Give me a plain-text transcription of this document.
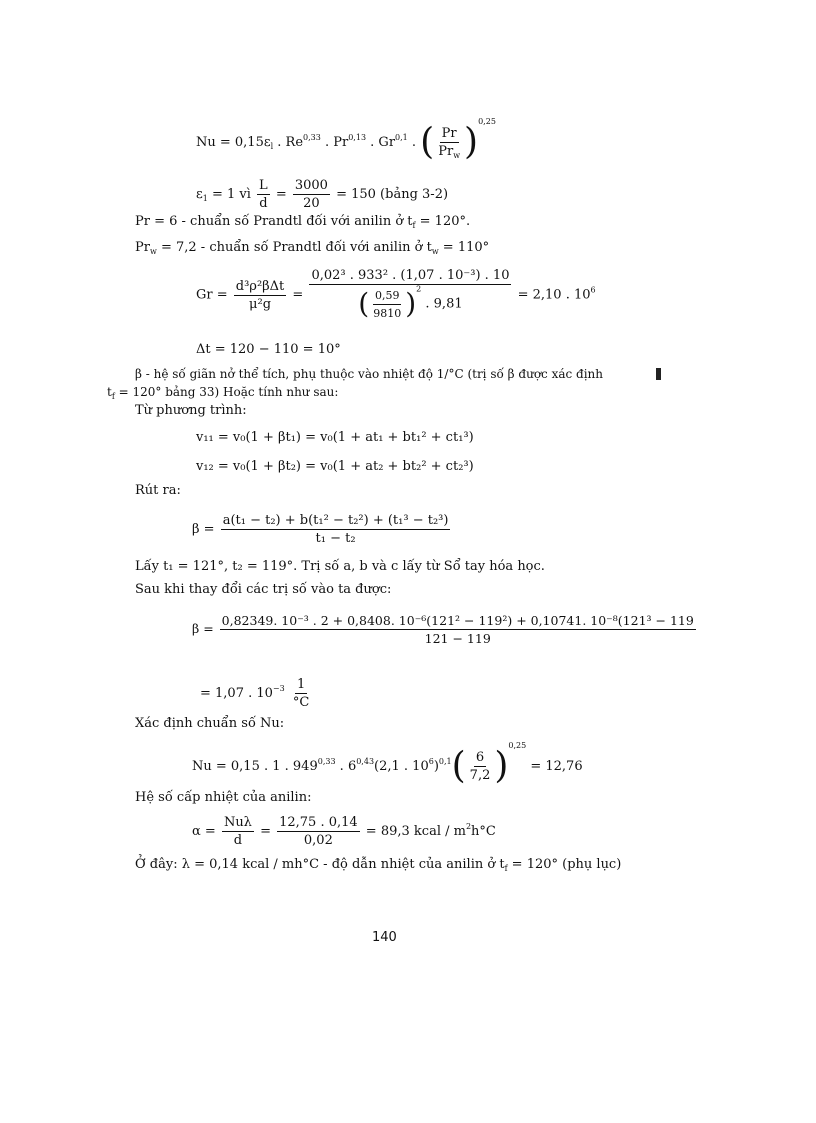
$Nu = 0,15\varepsilon_l$ . Re$^{0,33}$ . Pr$^{0,13}$ . Gr$^{0,1}$ . ( $\frac{Pr}{Pr_w} )^{0,25}$
$\varepsilon_1 = 1$ vì $\frac{L}{d} = \frac{3000}{20} = 150$ (bảng 3-2)
Pr = 6 - chuẩn số Prandtl đối với anilin ở $t_f = 120^\circ$.
$Pr_w = 7,2$ - chuẩn số Prandtl đối với anilin ở $t_w = 110^\circ$
$Gr = \frac{\text{d³ρ²βΔt}}{\text{μ²g}} = \frac{\text{0,02³ . 933² . (1,07 . 10⁻³) . 10}}{( \frac{0,59}{9810} )^2 . 9,81} = 2,10$ . $10^6$
Δt = 120 − 110 = 10°
β - hệ số giãn nở thể tích, phụ thuộc vào nhiệt độ 1/°C (trị số β được xác định
$t_f = 120^\circ$ bảng 33) Hoặc tính như sau:
Từ phương trình:
v₁₁ = v₀(1 + βt₁) = v₀(1 + at₁ + bt₁² + ct₁³)
v₁₂ = v₀(1 + βt₂) = v₀(1 + at₂ + bt₂² + ct₂³)
Rút ra:
$\beta = \frac{\text{a(t₁ − t₂) + b(t₁² − t₂²) + (t₁³ − t₂³)}}{\text{t₁ − t₂}}$
Lấy t₁ = 121°, t₂ = 119°. Trị số a, b và c lấy từ Sổ tay hóa học.
Sau khi thay đổi các trị số vào ta được:
β =
0,82349. 10⁻³ . 2 + 0,8408. 10⁻⁶(121² − 119²) + 0,10741. 10⁻⁸(121³ − 119
121 − 119
= 1,07 . $10^{-3} \frac{1}{^\circ C}$
Xác định chuẩn số Nu:
Nu = 0,15 . 1 . 949$^{0,33}$ . 6$^{0,43}$(2,1 . $10^6)^{0,1}( \frac{6}{7,2} )^{0,25} = 12,76$
Hệ số cấp nhiệt của anilin:
$\alpha = \frac{\text{Nuλ}}{d} = \frac{12,75 . 0,14}{0,02} = 89,3$ kcal / $m^2h^\circ C$
Ở đây: λ = 0,14 kcal / mh°C - độ dẫn nhiệt của anilin ở $t_f = 120^\circ$ (phụ lục)
140
